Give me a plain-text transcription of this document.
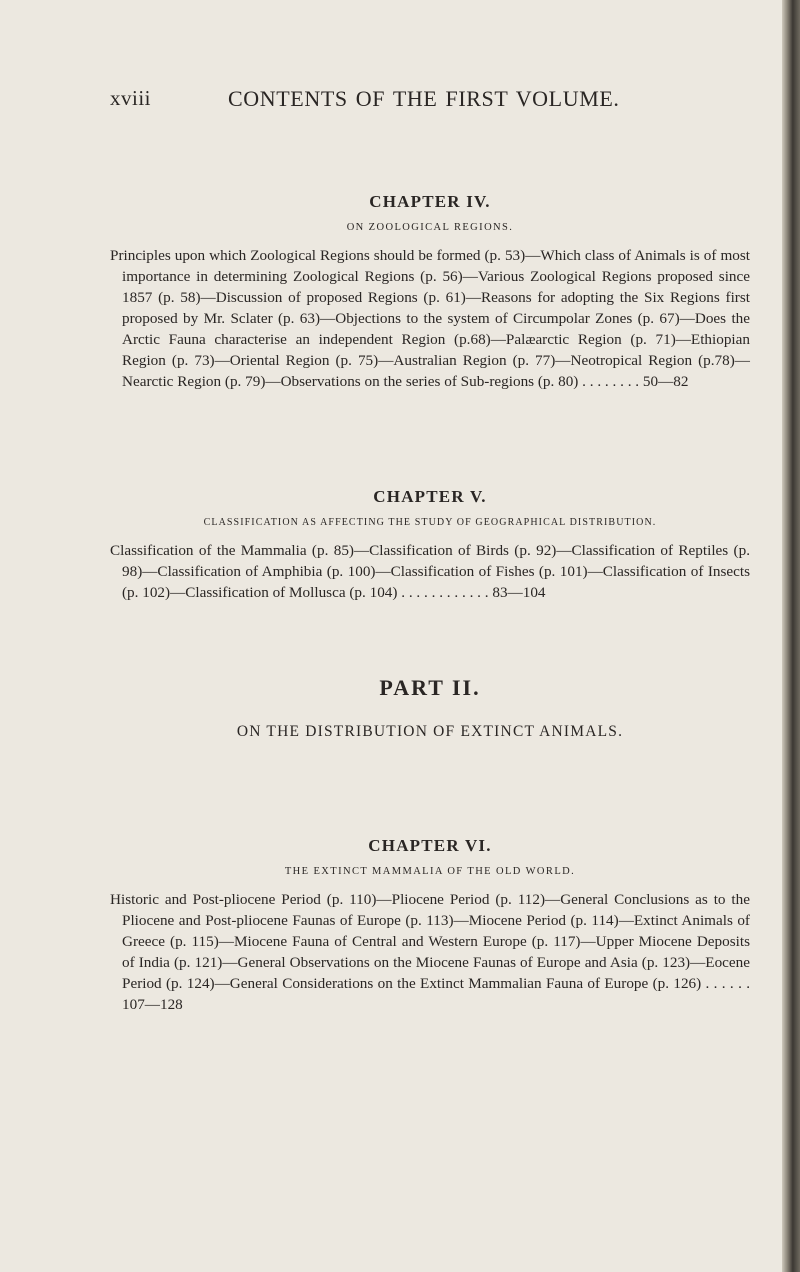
xviii	CONTENTS OF THE FIRST VOLUME.
CHAPTER IV.

ON ZOOLOGICAL REGIONS.

Principles upon which Zoological Regions should be formed (p. 53)—Which class of Animals is of most importance in determining Zoological Regions (p. 56)—Various Zoological Regions proposed since 1857 (p. 58)—Discussion of proposed Regions (p. 61)—Reasons for adopting the Six Regions first proposed by Mr. Sclater (p. 63)—Objections to the system of Circumpolar Zones (p. 67)—Does the Arctic Fauna characterise an independent Region (p.68)—Palæarctic Region (p. 71)—Ethiopian Region (p. 73)—Oriental Region (p. 75)—Australian Region (p. 77)—Neotropical Region (p.78)—Nearctic Region (p. 79)—Observations on the series of Sub-regions (p. 80) . . . . . . . . 50—82

CHAPTER V.

CLASSIFICATION AS AFFECTING THE STUDY OF GEOGRAPHICAL DISTRIBUTION.

Classification of the Mammalia (p. 85)—Classification of Birds (p. 92)—Classification of Reptiles (p. 98)—Classification of Amphibia (p. 100)—Classification of Fishes (p. 101)—Classification of Insects (p. 102)—Classification of Mollusca (p. 104) . . . . . . . . . . . . 83—104

PART II.

ON THE DISTRIBUTION OF EXTINCT ANIMALS.

CHAPTER VI.

THE EXTINCT MAMMALIA OF THE OLD WORLD.

Historic and Post-pliocene Period (p. 110)—Pliocene Period (p. 112)—General Conclusions as to the Pliocene and Post-pliocene Faunas of Europe (p. 113)—Miocene Period (p. 114)—Extinct Animals of Greece (p. 115)—Miocene Fauna of Central and Western Europe (p. 117)—Upper Miocene Deposits of India (p. 121)—General Observations on the Miocene Faunas of Europe and Asia (p. 123)—Eocene Period (p. 124)—General Considerations on the Extinct Mammalian Fauna of Europe (p. 126) . . . . . . 107—128
